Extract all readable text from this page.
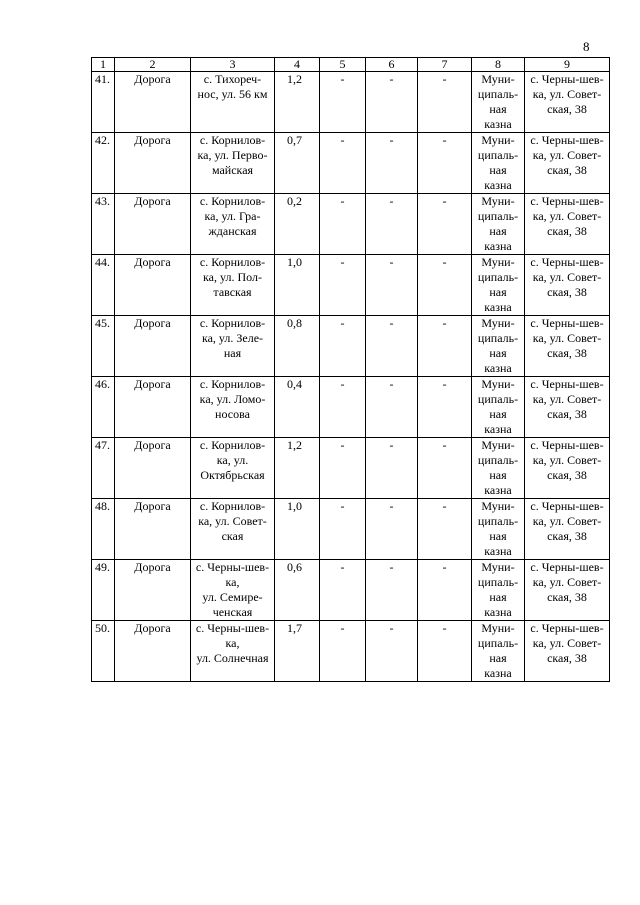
8
1	2	3	4	5	6	7	8	9
41.	Дорога	с. Тихореч-
нос, ул. 56 км	1,2	-	-	-	Муни-
ципаль-
ная
казна	с. Черны-шев-
ка, ул. Совет-
ская, 38
42.	Дорога	с. Корнилов-
ка, ул. Перво-
майская	0,7	-	-	-	Муни-
ципаль-
ная
казна	с. Черны-шев-
ка, ул. Совет-
ская, 38
43.	Дорога	с. Корнилов-
ка, ул. Гра-
жданская	0,2	-	-	-	Муни-
ципаль-
ная
казна	с. Черны-шев-
ка, ул. Совет-
ская, 38
44.	Дорога	с. Корнилов-
ка, ул. Пол-
тавская	1,0	-	-	-	Муни-
ципаль-
ная
казна	с. Черны-шев-
ка, ул. Совет-
ская, 38
45.	Дорога	с. Корнилов-
ка, ул. Зеле-
ная	0,8	-	-	-	Муни-
ципаль-
ная
казна	с. Черны-шев-
ка, ул. Совет-
ская, 38
46.	Дорога	с. Корнилов-
ка, ул. Ломо-
носова	0,4	-	-	-	Муни-
ципаль-
ная
казна	с. Черны-шев-
ка, ул. Совет-
ская, 38
47.	Дорога	с. Корнилов-
ка, ул.
Октябрьская	1,2	-	-	-	Муни-
ципаль-
ная
казна	с. Черны-шев-
ка, ул. Совет-
ская, 38
48.	Дорога	с. Корнилов-
ка, ул. Совет-
ская	1,0	-	-	-	Муни-
ципаль-
ная
казна	с. Черны-шев-
ка, ул. Совет-
ская, 38
49.	Дорога	с. Черны-шев-
ка,
ул. Семире-
ченская	0,6	-	-	-	Муни-
ципаль-
ная
казна	с. Черны-шев-
ка, ул. Совет-
ская, 38
50.	Дорога	с. Черны-шев-
ка,
ул. Солнечная	1,7	-	-	-	Муни-
ципаль-
ная
казна	с. Черны-шев-
ка, ул. Совет-
ская, 38
